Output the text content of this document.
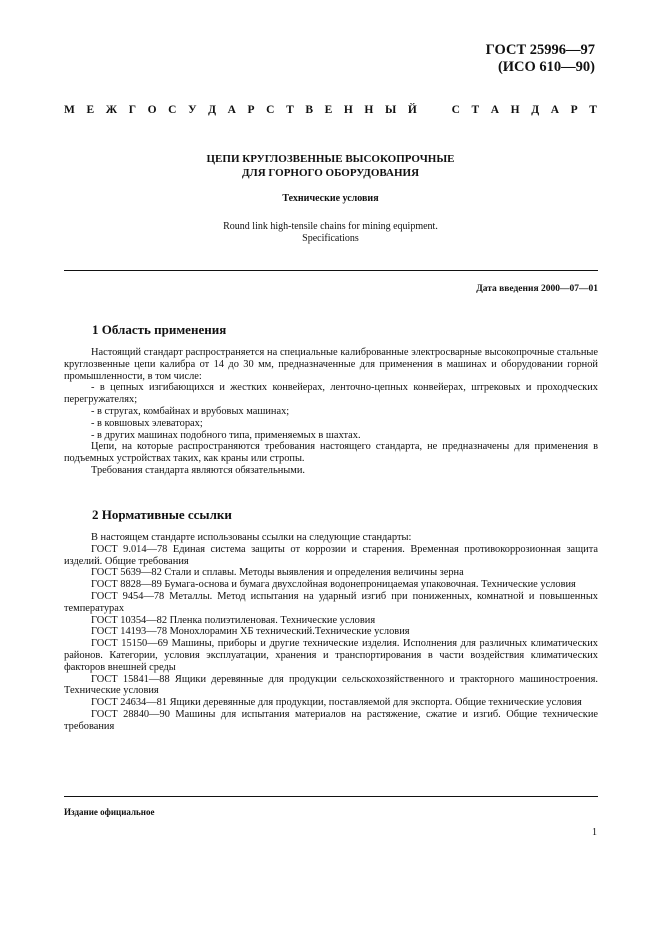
ГОСТ 25996—97
(ИСО 610—90)
М Е Ж Г О С У Д А Р С Т В Е Н Н Ы Й	С Т А Н Д А Р Т
ЦЕПИ КРУГЛОЗВЕННЫЕ ВЫСОКОПРОЧНЫЕ
ДЛЯ ГОРНОГО ОБОРУДОВАНИЯ
Технические условия
Round link high-tensile chains for mining equipment.
Specifications
Дата введения 2000—07—01

1 Область применения

Настоящий стандарт распространяется на специальные калиброванные электросварные высокопрочные стальные круглозвенные цепи калибра от 14 до 30 мм, предназначенные для применения в машинах и оборудовании горной промышленности, в том числе:

- в цепных изгибающихся и жестких конвейерах, ленточно-цепных конвейерах, штрековых и проходческих перегружателях;

- в стругах, комбайнах и врубовых машинах;

- в ковшовых элеваторах;

- в других машинах подобного типа, применяемых в шахтах.

Цепи, на которые распространяются требования настоящего стандарта, не предназначены для применения в подъемных устройствах таких, как краны или стропы.

Требования стандарта являются обязательными.

2 Нормативные ссылки

В настоящем стандарте использованы ссылки на следующие стандарты:

ГОСТ 9.014—78 Единая система защиты от коррозии и старения. Временная противокоррозионная защита изделий. Общие требования

ГОСТ 5639—82 Стали и сплавы. Методы выявления и определения величины зерна

ГОСТ 8828—89 Бумага-основа и бумага двухслойная водонепроницаемая упаковочная. Технические условия

ГОСТ 9454—78 Металлы. Метод испытания на ударный изгиб при пониженных, комнатной и повышенных температурах

ГОСТ 10354—82 Пленка полиэтиленовая. Технические условия

ГОСТ 14193—78 Монохлорамин ХБ технический.Технические условия

ГОСТ 15150—69 Машины, приборы и другие технические изделия. Исполнения для различных климатических районов. Категории, условия эксплуатации, хранения и транспортирования в части воздействия климатических факторов внешней среды

ГОСТ 15841—88 Ящики деревянные для продукции сельскохозяйственного и тракторного машиностроения. Технические условия

ГОСТ 24634—81 Ящики деревянные для продукции, поставляемой для экспорта. Общие технические условия

ГОСТ 28840—90 Машины для испытания материалов на растяжение, сжатие и изгиб. Общие технические требования

Издание официальное
1
